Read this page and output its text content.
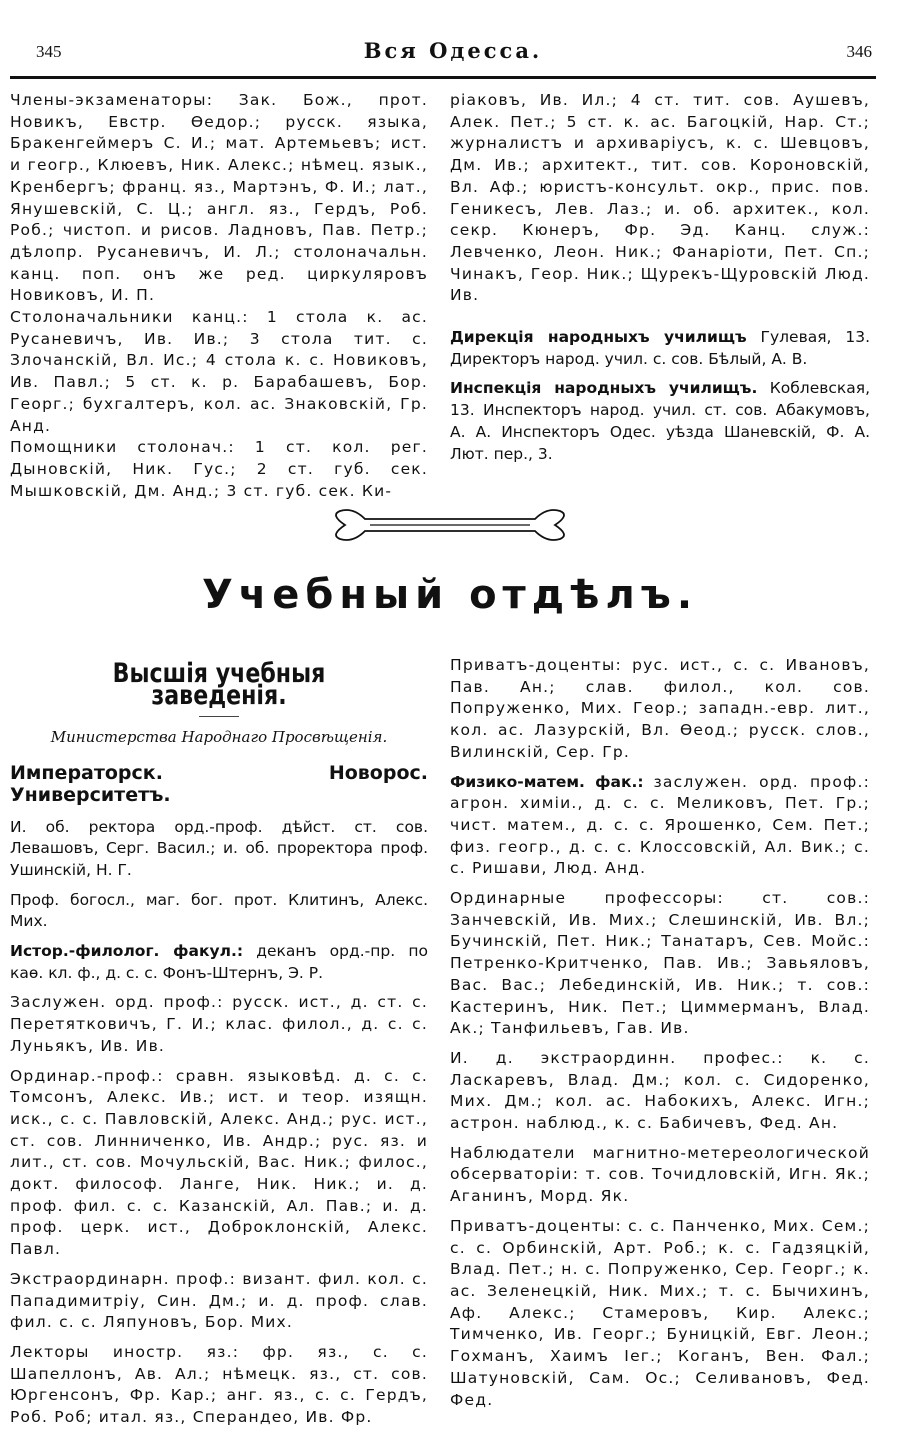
345	Вся Одесса.	346

Члены-экзаменаторы: Зак. Бож., прот. Новикъ, Евстр. Өедор.; русск. языка, Бракенгеймеръ С. И.; мат. Артемьевъ; ист. и геогр., Клюевъ, Ник. Алекс.; нѣмец. язык., Кренбергъ; франц. яз., Мартэнъ, Ф. И.; лат., Янушевскій, С. Ц.; англ. яз., Гердъ, Роб. Роб.; чистоп. и рисов. Ладновъ, Пав. Петр.; дѣлопр. Русаневичъ, И. Л.; столоначальн. канц. поп. онъ же ред. циркуляровъ Новиковъ, И. П.

Столоначальники канц.: 1 стола к. ас. Русаневичъ, Ив. Ив.; 3 стола тит. с. Злочанскій, Вл. Ис.; 4 стола к. с. Новиковъ, Ив. Павл.; 5 ст. к. р. Барабашевъ, Бор. Георг.; бухгалтеръ, кол. ас. Знаковскій, Гр. Анд.

Помощники столонач.: 1 ст. кол. рег. Дыновскій, Ник. Гус.; 2 ст. губ. сек. Мышковскій, Дм. Анд.; 3 ст. губ. сек. Ки-

ріаковъ, Ив. Ил.; 4 ст. тит. сов. Аушевъ, Алек. Пет.; 5 ст. к. ас. Багоцкій, Нар. Ст.; журналистъ и архиваріусъ, к. с. Шевцовъ, Дм. Ив.; архитект., тит. сов. Короновскій, Вл. Аф.; юристъ-консульт. окр., прис. пов. Геникесъ, Лев. Лаз.; и. об. архитек., кол. секр. Кюнеръ, Фр. Эд. Канц. служ.: Левченко, Леон. Ник.; Фанаріоти, Пет. Сп.; Чинакъ, Геор. Ник.; Щурекъ-Щуровскій Люд. Ив.

Дирекція народныхъ училищъ Гулевая, 13. Директоръ народ. учил. с. сов. Бѣлый, А. В.

Инспекція народныхъ училищъ. Коблевская, 13. Инспекторъ народ. учил. ст. сов. Абакумовъ, А. А. Инспекторъ Одес. уѣзда Шаневскій, Ф. А. Лют. пер., 3.

Учебный отдѣлъ.
Высшія учебныя заведенія.
Министерства Народнаго Просвѣщенія.
Императорск. Новорос. Университетъ.

И. об. ректора орд.-проф. дѣйст. ст. сов. Левашовъ, Серг. Васил.; и. об. проректора проф. Ушинскій, Н. Г.

Проф. богосл., маг. бог. прот. Клитинъ, Алекс. Мих.

Истор.-филолог. факул.: деканъ орд.-пр. по каө. кл. ф., д. с. с. Фонъ-Штернъ, Э. Р.

Заслужен. орд. проф.: русск. ист., д. ст. с. Перетятковичъ, Г. И.; клас. филол., д. с. с. Луньякъ, Ив. Ив.

Ординар.-проф.: сравн. языковѣд. д. с. с. Томсонъ, Алекс. Ив.; ист. и теор. изящн. иск., с. с. Павловскій, Алекс. Анд.; рус. ист., ст. сов. Линниченко, Ив. Андр.; рус. яз. и лит., ст. сов. Мочульскій, Вас. Ник.; филос., докт. философ. Ланге, Ник. Ник.; и. д. проф. фил. с. с. Казанскій, Ал. Пав.; и. д. проф. церк. ист., Доброклонскій, Алекс. Павл.

Экстраординарн. проф.: визант. фил. кол. с. Пападимитріу, Син. Дм.; и. д. проф. слав. фил. с. с. Ляпуновъ, Бор. Мих.

Лекторы иностр. яз.: фр. яз., с. с. Шапеллонъ, Ав. Ал.; нѣмецк. яз., ст. сов. Юргенсонъ, Фр. Кар.; анг. яз., с. с. Гердъ, Роб. Роб; итал. яз., Сперандео, Ив. Фр.

Приватъ-доценты: рус. ист., с. с. Ивановъ, Пав. Ан.; слав. филол., кол. сов. Попруженко, Мих. Геор.; западн.-евр. лит., кол. ас. Лазурскій, Вл. Өеод.; русск. слов., Вилинскій, Сер. Гр.

Физико-матем. фак.: заслужен. орд. проф.: агрон. химіи., д. с. с. Меликовъ, Пет. Гр.; чист. матем., д. с. с. Ярошенко, Сем. Пет.; физ. геогр., д. с. с. Клоссовскій, Ал. Вик.; с. с. Ришави, Люд. Анд.

Ординарные профессоры: ст. сов.: Занчевскій, Ив. Мих.; Слешинскій, Ив. Вл.; Бучинскій, Пет. Ник.; Танатаръ, Сев. Мойс.: Петренко-Критченко, Пав. Ив.; Завьяловъ, Вас. Вас.; Лебединскій, Ив. Ник.; т. сов.: Кастеринъ, Ник. Пет.; Циммерманъ, Влад. Ак.; Танфильевъ, Гав. Ив.

И. д. экстраординн. профес.: к. с. Ласкаревъ, Влад. Дм.; кол. с. Сидоренко, Мих. Дм.; кол. ас. Набокихъ, Алекс. Игн.; астрон. наблюд., к. с. Бабичевъ, Фед. Ан.

Наблюдатели магнитно-метереологической обсерваторіи: т. сов. Точидловскій, Игн. Як.; Аганинъ, Морд. Як.

Приватъ-доценты: с. с. Панченко, Мих. Сем.; с. с. Орбинскій, Арт. Роб.; к. с. Гадзяцкій, Влад. Пет.; н. с. Попруженко, Сер. Георг.; к. ас. Зеленецкій, Ник. Мих.; т. с. Бычихинъ, Аф. Алекс.; Стамеровъ, Кир. Алекс.; Тимченко, Ив. Георг.; Буницкій, Евг. Леон.; Гохманъ, Хаимъ Іег.; Коганъ, Вен. Фал.; Шатуновскій, Сам. Ос.; Селивановъ, Фед. Фед.
